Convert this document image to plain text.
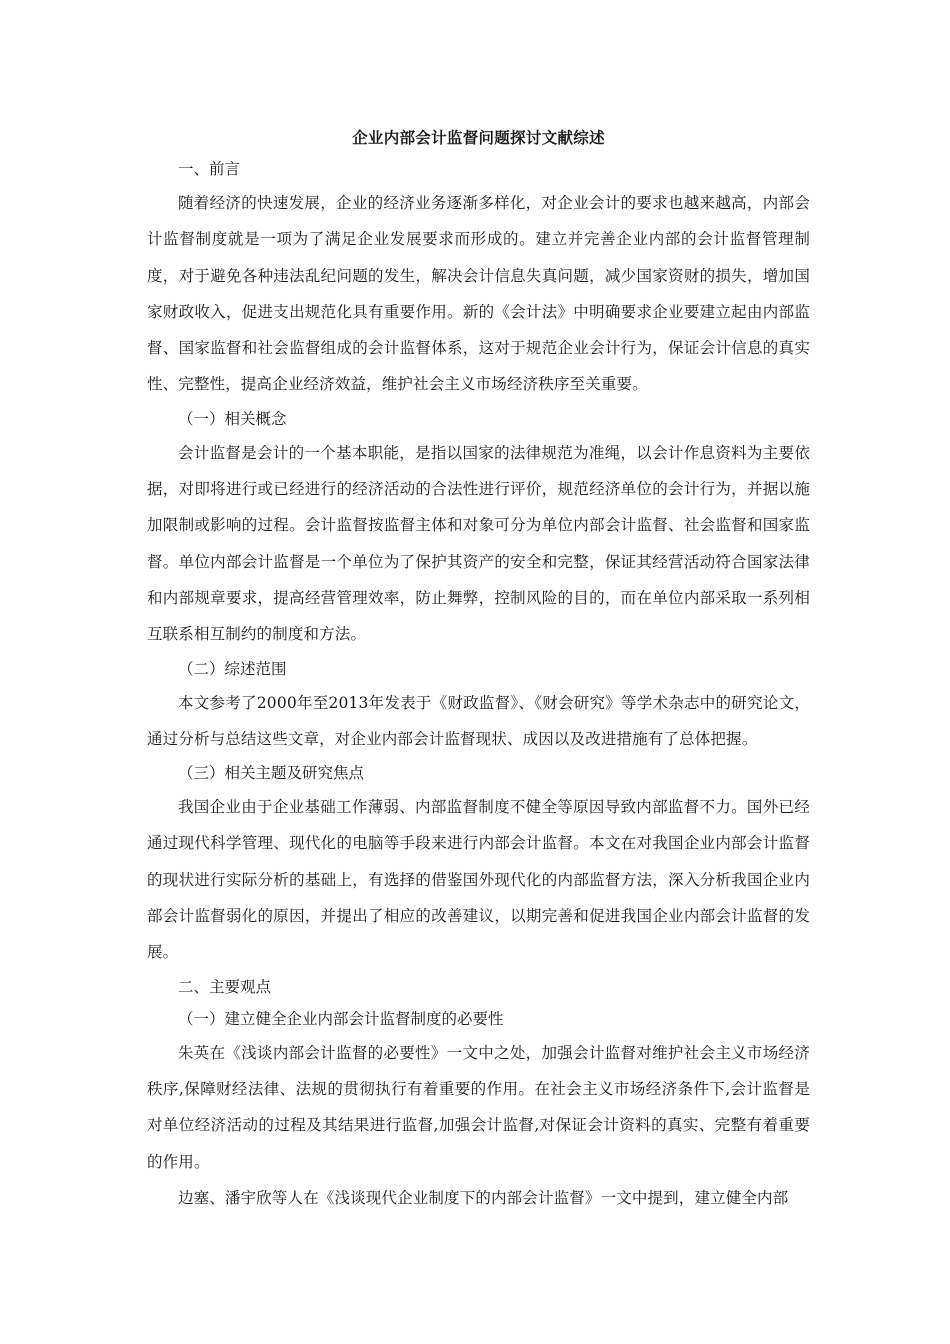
企业内部会计监督问题探讨文献综述

一、前言

随着经济的快速发展，企业的经济业务逐渐多样化，对企业会计的要求也越来越高，内部会计监督制度就是一项为了满足企业发展要求而形成的。建立并完善企业内部的会计监督管理制度，对于避免各种违法乱纪问题的发生，解决会计信息失真问题，减少国家资财的损失，增加国家财政收入，促进支出规范化具有重要作用。新的《会计法》中明确要求企业要建立起由内部监督、国家监督和社会监督组成的会计监督体系，这对于规范企业会计行为，保证会计信息的真实性、完整性，提高企业经济效益，维护社会主义市场经济秩序至关重要。

（一）相关概念

会计监督是会计的一个基本职能，是指以国家的法律规范为准绳，以会计作息资料为主要依据，对即将进行或已经进行的经济活动的合法性进行评价，规范经济单位的会计行为，并据以施加限制或影响的过程。会计监督按监督主体和对象可分为单位内部会计监督、社会监督和国家监督。单位内部会计监督是一个单位为了保护其资产的安全和完整，保证其经营活动符合国家法律和内部规章要求，提高经营管理效率，防止舞弊，控制风险的目的，而在单位内部采取一系列相互联系相互制约的制度和方法。

（二）综述范围

本文参考了2000年至2013年发表于《财政监督》、《财会研究》等学术杂志中的研究论文，通过分析与总结这些文章，对企业内部会计监督现状、成因以及改进措施有了总体把握。

（三）相关主题及研究焦点

我国企业由于企业基础工作薄弱、内部监督制度不健全等原因导致内部监督不力。国外已经通过现代科学管理、现代化的电脑等手段来进行内部会计监督。本文在对我国企业内部会计监督的现状进行实际分析的基础上，有选择的借鉴国外现代化的内部监督方法，深入分析我国企业内部会计监督弱化的原因，并提出了相应的改善建议，以期完善和促进我国企业内部会计监督的发展。

二、主要观点

（一）建立健全企业内部会计监督制度的必要性

朱英在《浅谈内部会计监督的必要性》一文中之处，加强会计监督对维护社会主义市场经济秩序,保障财经法律、法规的贯彻执行有着重要的作用。在社会主义市场经济条件下,会计监督是对单位经济活动的过程及其结果进行监督,加强会计监督,对保证会计资料的真实、完整有着重要的作用。

边塞、潘宇欣等人在《浅谈现代企业制度下的内部会计监督》一文中提到，建立健全内部
